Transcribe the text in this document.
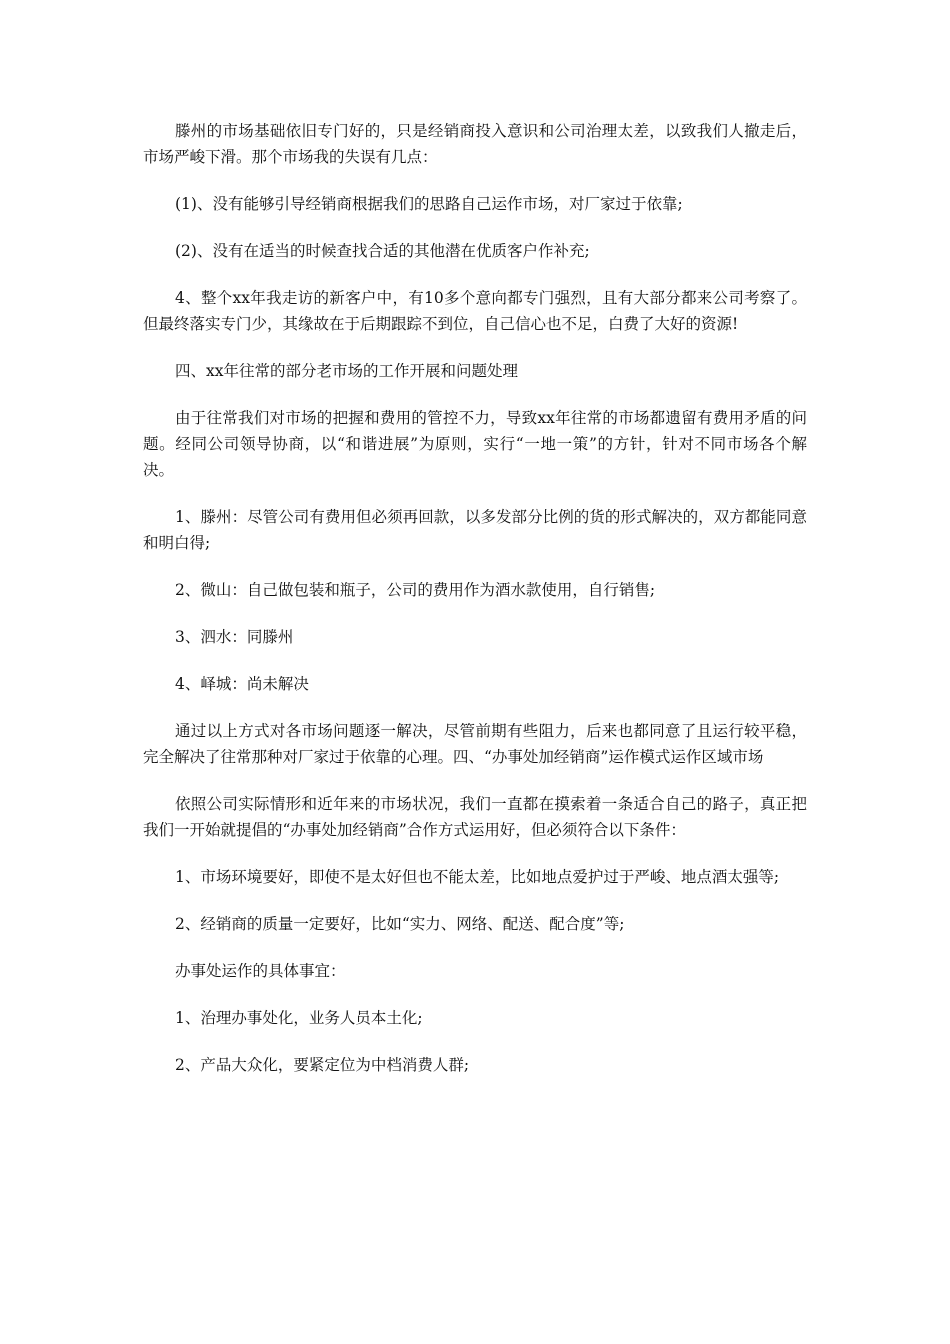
滕州的市场基础依旧专门好的，只是经销商投入意识和公司治理太差，以致我们人撤走后，市场严峻下滑。那个市场我的失误有几点：

(1)、没有能够引导经销商根据我们的思路自己运作市场，对厂家过于依靠;

(2)、没有在适当的时候查找合适的其他潜在优质客户作补充;

4、整个xx年我走访的新客户中，有10多个意向都专门强烈，且有大部分都来公司考察了。但最终落实专门少，其缘故在于后期跟踪不到位，自己信心也不足，白费了大好的资源!

四、xx年往常的部分老市场的工作开展和问题处理

由于往常我们对市场的把握和费用的管控不力，导致xx年往常的市场都遗留有费用矛盾的问题。经同公司领导协商，以“和谐进展”为原则，实行“一地一策”的方针，针对不同市场各个解决。

1、滕州：尽管公司有费用但必须再回款，以多发部分比例的货的形式解决的，双方都能同意和明白得;

2、微山：自己做包装和瓶子，公司的费用作为酒水款使用，自行销售;

3、泗水：同滕州

4、峄城：尚未解决

通过以上方式对各市场问题逐一解决，尽管前期有些阻力，后来也都同意了且运行较平稳，完全解决了往常那种对厂家过于依靠的心理。四、“办事处加经销商”运作模式运作区域市场

依照公司实际情形和近年来的市场状况，我们一直都在摸索着一条适合自己的路子，真正把我们一开始就提倡的“办事处加经销商”合作方式运用好，但必须符合以下条件：

1、市场环境要好，即使不是太好但也不能太差，比如地点爱护过于严峻、地点酒太强等;

2、经销商的质量一定要好，比如“实力、网络、配送、配合度”等;

办事处运作的具体事宜：

1、治理办事处化，业务人员本土化;

2、产品大众化，要紧定位为中档消费人群;
